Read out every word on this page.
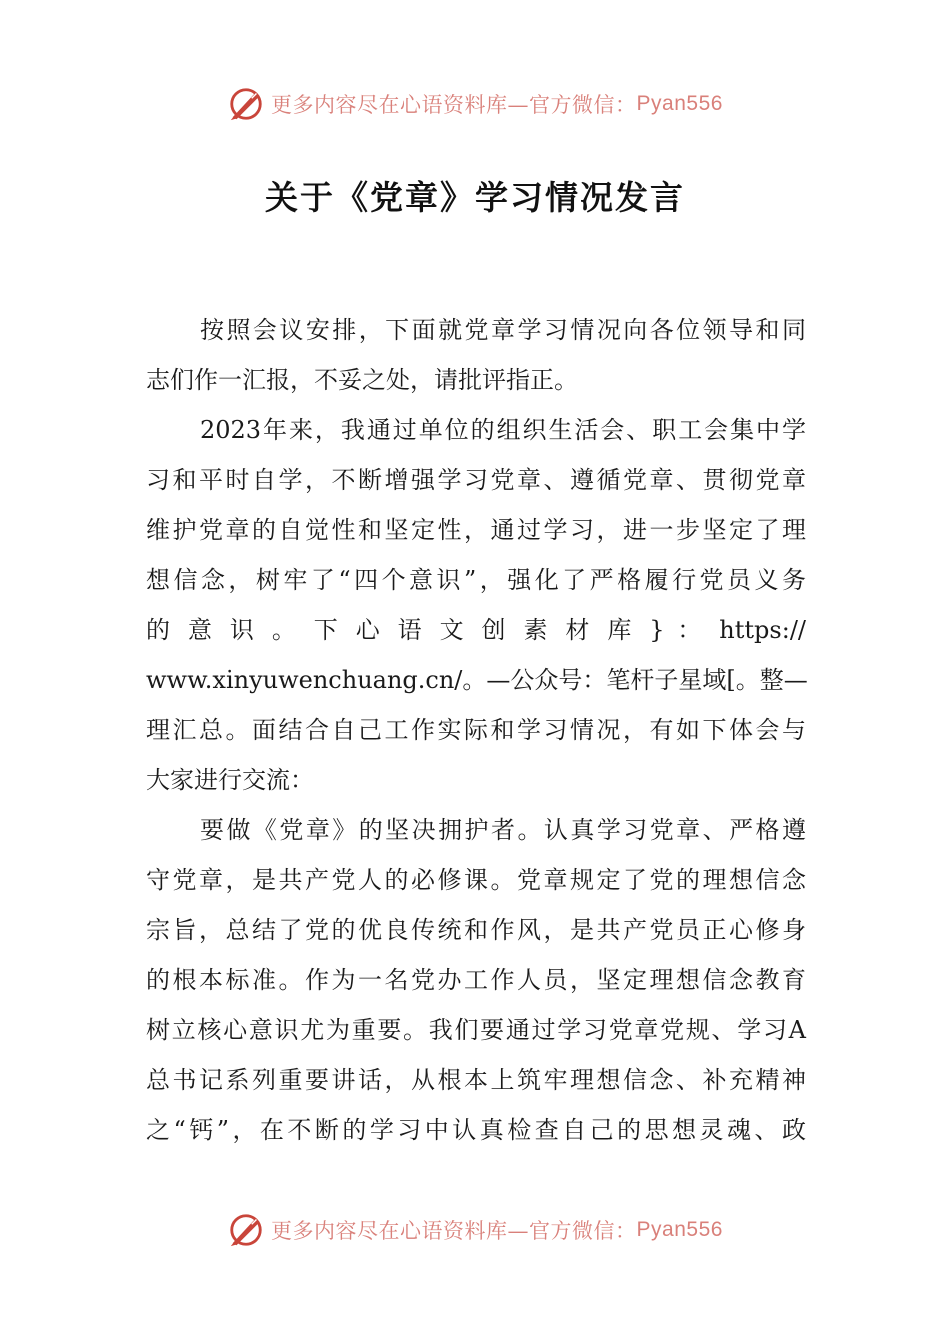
更多内容尽在心语资料库—官方微信： Pyan556
关于《党章》学习情况发言
按照会议安排，下面就党章学习情况向各位领导和同
志们作一汇报，不妥之处，请批评指正。
2023年来，我通过单位的组织生活会、职工会集中学
习和平时自学，不断增强学习党章、遵循党章、贯彻党章
维护党章的自觉性和坚定性，通过学习，进一步坚定了理
想信念，树牢了“四个意识”，强化了严格履行党员义务
的 意 识 。 下 心 语 文 创 素 材 库 } ： https://
www.xinyuwenchuang.cn/。—公众号：笔杆子星域[。整—
理汇总。面结合自己工作实际和学习情况，有如下体会与
大家进行交流：
要做《党章》的坚决拥护者。认真学习党章、严格遵
守党章，是共产党人的必修课。党章规定了党的理想信念
宗旨，总结了党的优良传统和作风，是共产党员正心修身
的根本标准。作为一名党办工作人员，坚定理想信念教育
树立核心意识尤为重要。我们要通过学习党章党规、学习A
总书记系列重要讲话，从根本上筑牢理想信念、补充精神
之“钙”，在不断的学习中认真检查自己的思想灵魂、政
更多内容尽在心语资料库—官方微信： Pyan556
